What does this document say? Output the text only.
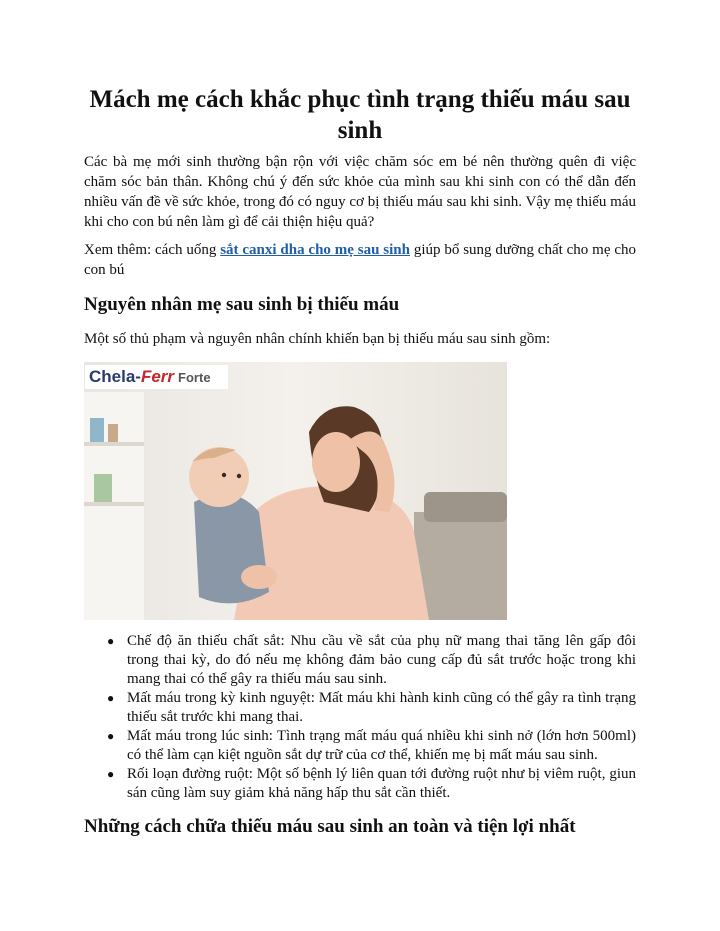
Mách mẹ cách khắc phục tình trạng thiếu máu sau sinh

Các bà mẹ mới sinh thường bận rộn với việc chăm sóc em bé nên thường quên đi việc chăm sóc bản thân. Không chú ý đến sức khỏe của mình sau khi sinh con có thể dẫn đến nhiều vấn đề về sức khỏe, trong đó có nguy cơ bị thiếu máu sau khi sinh. Vậy mẹ thiếu máu khi cho con bú nên làm gì để cải thiện hiệu quả?

Xem thêm: cách uống sắt canxi dha cho mẹ sau sinh giúp bổ sung dưỡng chất cho mẹ cho con bú

Nguyên nhân mẹ sau sinh bị thiếu máu

Một số thủ phạm và nguyên nhân chính khiến bạn bị thiếu máu sau sinh gồm:

Chela-Ferr Forte
● Chế độ ăn thiếu chất sắt: Nhu cầu về sắt của phụ nữ mang thai tăng lên gấp đôi trong thai kỳ, do đó nếu mẹ không đảm bảo cung cấp đủ sắt trước hoặc trong khi mang thai có thể gây ra thiếu máu sau sinh.
● Mất máu trong kỳ kinh nguyệt: Mất máu khi hành kinh cũng có thể gây ra tình trạng thiếu sắt trước khi mang thai.
● Mất máu trong lúc sinh: Tình trạng mất máu quá nhiều khi sinh nở (lớn hơn 500ml) có thể làm cạn kiệt nguồn sắt dự trữ của cơ thể, khiến mẹ bị mất máu sau sinh.
● Rối loạn đường ruột: Một số bệnh lý liên quan tới đường ruột như bị viêm ruột, giun sán cũng làm suy giảm khả năng hấp thu sắt cần thiết.
Những cách chữa thiếu máu sau sinh an toàn và tiện lợi nhất
